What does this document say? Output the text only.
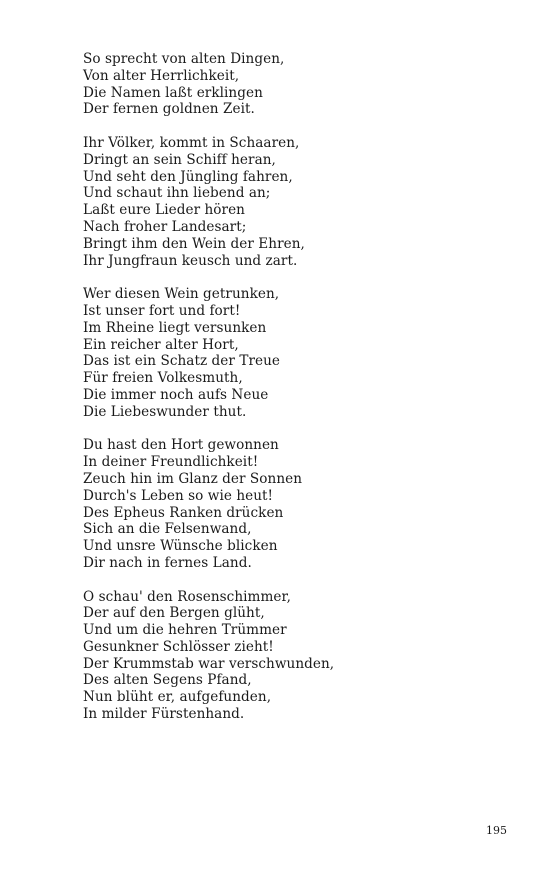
So sprecht von alten Dingen,
Von alter Herrlichkeit,
Die Namen laßt erklingen
Der fernen goldnen Zeit.
Ihr Völker, kommt in Schaaren,
Dringt an sein Schiff heran,
Und seht den Jüngling fahren,
Und schaut ihn liebend an;
Laßt eure Lieder hören
Nach froher Landesart;
Bringt ihm den Wein der Ehren,
Ihr Jungfraun keusch und zart.
Wer diesen Wein getrunken,
Ist unser fort und fort!
Im Rheine liegt versunken
Ein reicher alter Hort,
Das ist ein Schatz der Treue
Für freien Volkesmuth,
Die immer noch aufs Neue
Die Liebeswunder thut.
Du hast den Hort gewonnen
In deiner Freundlichkeit!
Zeuch hin im Glanz der Sonnen
Durch's Leben so wie heut!
Des Epheus Ranken drücken
Sich an die Felsenwand,
Und unsre Wünsche blicken
Dir nach in fernes Land.
O schau' den Rosenschimmer,
Der auf den Bergen glüht,
Und um die hehren Trümmer
Gesunkner Schlösser zieht!
Der Krummstab war verschwunden,
Des alten Segens Pfand,
Nun blüht er, aufgefunden,
In milder Fürstenhand.
195
